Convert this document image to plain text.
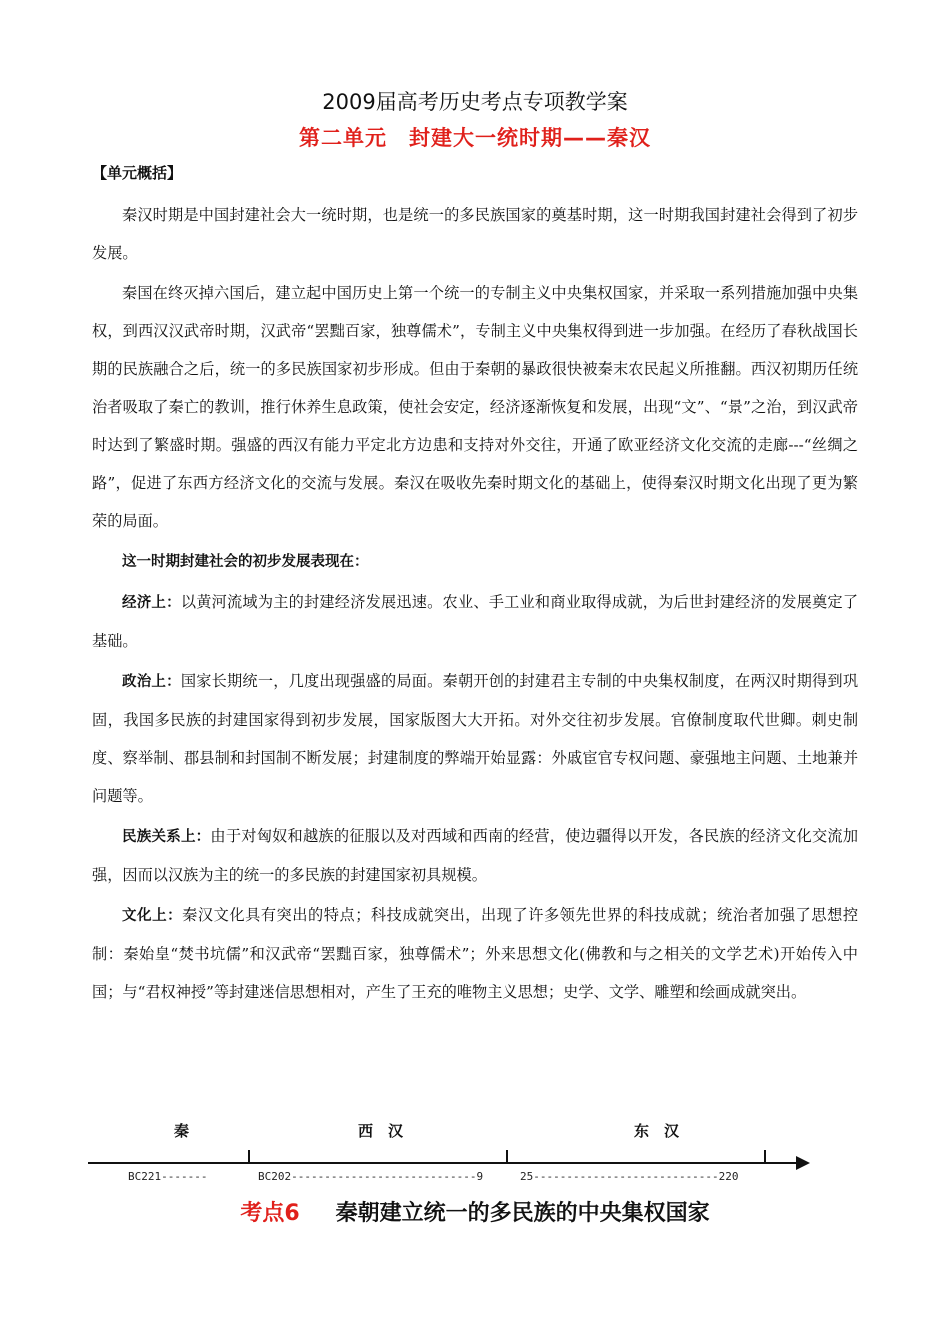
2009届高考历史考点专项教学案
第二单元　封建大一统时期——秦汉
【单元概括】

秦汉时期是中国封建社会大一统时期，也是统一的多民族国家的奠基时期，这一时期我国封建社会得到了初步发展。

秦国在终灭掉六国后，建立起中国历史上第一个统一的专制主义中央集权国家，并采取一系列措施加强中央集权，到西汉汉武帝时期，汉武帝“罢黜百家，独尊儒术”，专制主义中央集权得到进一步加强。在经历了春秋战国长期的民族融合之后，统一的多民族国家初步形成。但由于秦朝的暴政很快被秦末农民起义所推翻。西汉初期历任统治者吸取了秦亡的教训，推行休养生息政策，使社会安定，经济逐渐恢复和发展，出现“文”、“景”之治，到汉武帝时达到了繁盛时期。强盛的西汉有能力平定北方边患和支持对外交往，开通了欧亚经济文化交流的走廊---“丝绸之路”，促进了东西方经济文化的交流与发展。秦汉在吸收先秦时期文化的基础上，使得秦汉时期文化出现了更为繁荣的局面。

这一时期封建社会的初步发展表现在：

经济上：以黄河流域为主的封建经济发展迅速。农业、手工业和商业取得成就，为后世封建经济的发展奠定了基础。

政治上：国家长期统一，几度出现强盛的局面。秦朝开创的封建君主专制的中央集权制度，在两汉时期得到巩固，我国多民族的封建国家得到初步发展，国家版图大大开拓。对外交往初步发展。官僚制度取代世卿。刺史制度、察举制、郡县制和封国制不断发展；封建制度的弊端开始显露：外戚宦官专权问题、豪强地主问题、土地兼并问题等。

民族关系上：由于对匈奴和越族的征服以及对西域和西南的经营，使边疆得以开发，各民族的经济文化交流加强，因而以汉族为主的统一的多民族的封建国家初具规模。

文化上：秦汉文化具有突出的特点；科技成就突出，出现了许多领先世界的科技成就；统治者加强了思想控制：秦始皇“焚书坑儒”和汉武帝“罢黜百家，独尊儒术”；外来思想文化(佛教和与之相关的文学艺术)开始传入中国；与“君权神授”等封建迷信思想相对，产生了王充的唯物主义思想；史学、文学、雕塑和绘画成就突出。

秦	西　汉	东　汉
BC221-------	BC202----------------------------9	25----------------------------220
考点6 秦朝建立统一的多民族的中央集权国家
